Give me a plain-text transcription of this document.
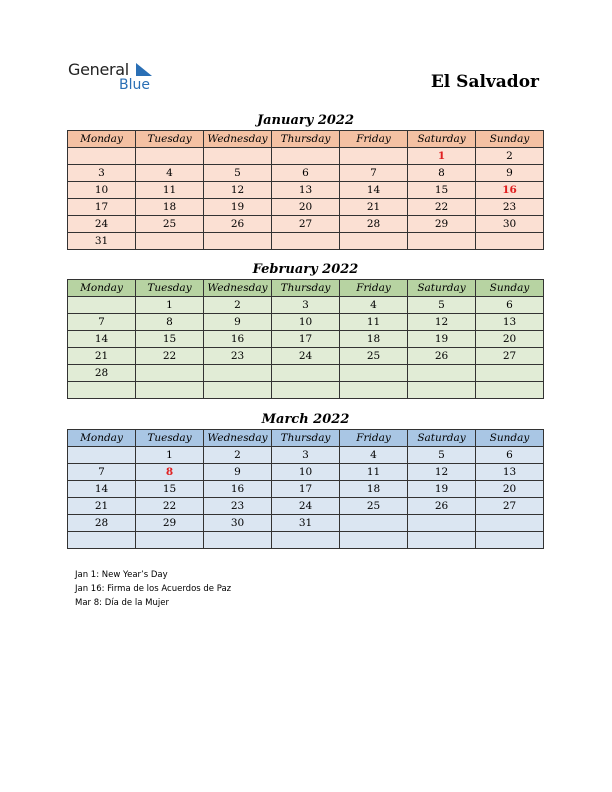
General
Blue	El Salvador
January 2022
Monday	Tuesday	Wednesday	Thursday	Friday	Saturday	Sunday
					1	2
3	4	5	6	7	8	9
10	11	12	13	14	15	16
17	18	19	20	21	22	23
24	25	26	27	28	29	30
31						
February 2022
Monday	Tuesday	Wednesday	Thursday	Friday	Saturday	Sunday
	1	2	3	4	5	6
7	8	9	10	11	12	13
14	15	16	17	18	19	20
21	22	23	24	25	26	27
28						

March 2022
Monday	Tuesday	Wednesday	Thursday	Friday	Saturday	Sunday
	1	2	3	4	5	6
7	8	9	10	11	12	13
14	15	16	17	18	19	20
21	22	23	24	25	26	27
28	29	30	31			

Jan 1: New Year’s Day
Jan 16: Firma de los Acuerdos de Paz
Mar 8: Día de la Mujer
